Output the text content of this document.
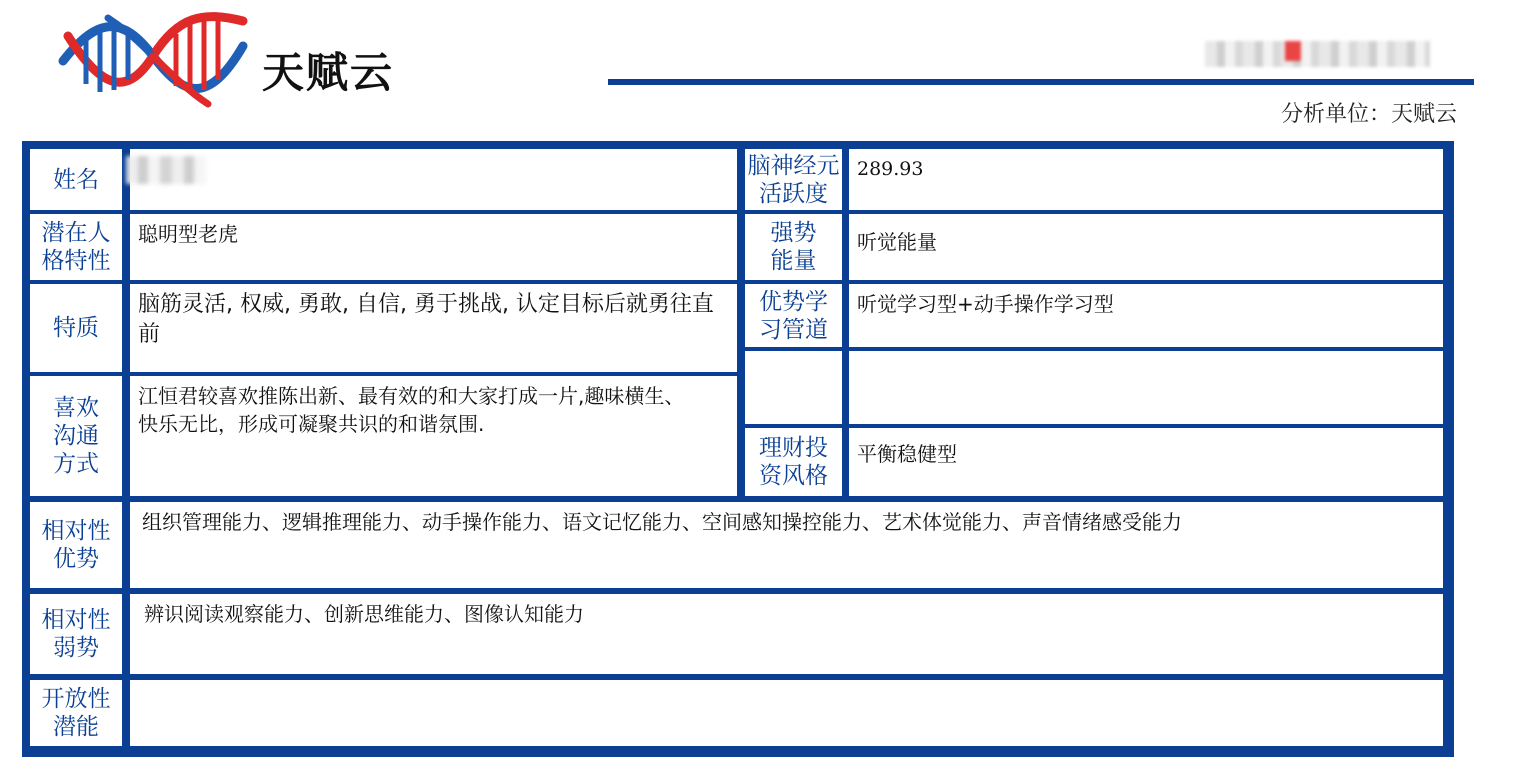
天赋云
分析单位：天赋云
姓名
潜在人格特性
聪明型老虎
特质
脑筋灵活, 权威, 勇敢, 自信, 勇于挑战, 认定目标后就勇往直前
喜欢沟通方式
江恒君较喜欢推陈出新、最有效的和大家打成一片,趣味横生、快乐无比，形成可凝聚共识的和谐氛围.
脑神经元活跃度
289.93
强势能量
听觉能量
优势学习管道
听觉学习型+动手操作学习型
理财投资风格
平衡稳健型
相对性优势
组织管理能力、逻辑推理能力、动手操作能力、语文记忆能力、空间感知操控能力、艺术体觉能力、声音情绪感受能力
相对性弱势
辨识阅读观察能力、创新思维能力、图像认知能力
开放性潜能
